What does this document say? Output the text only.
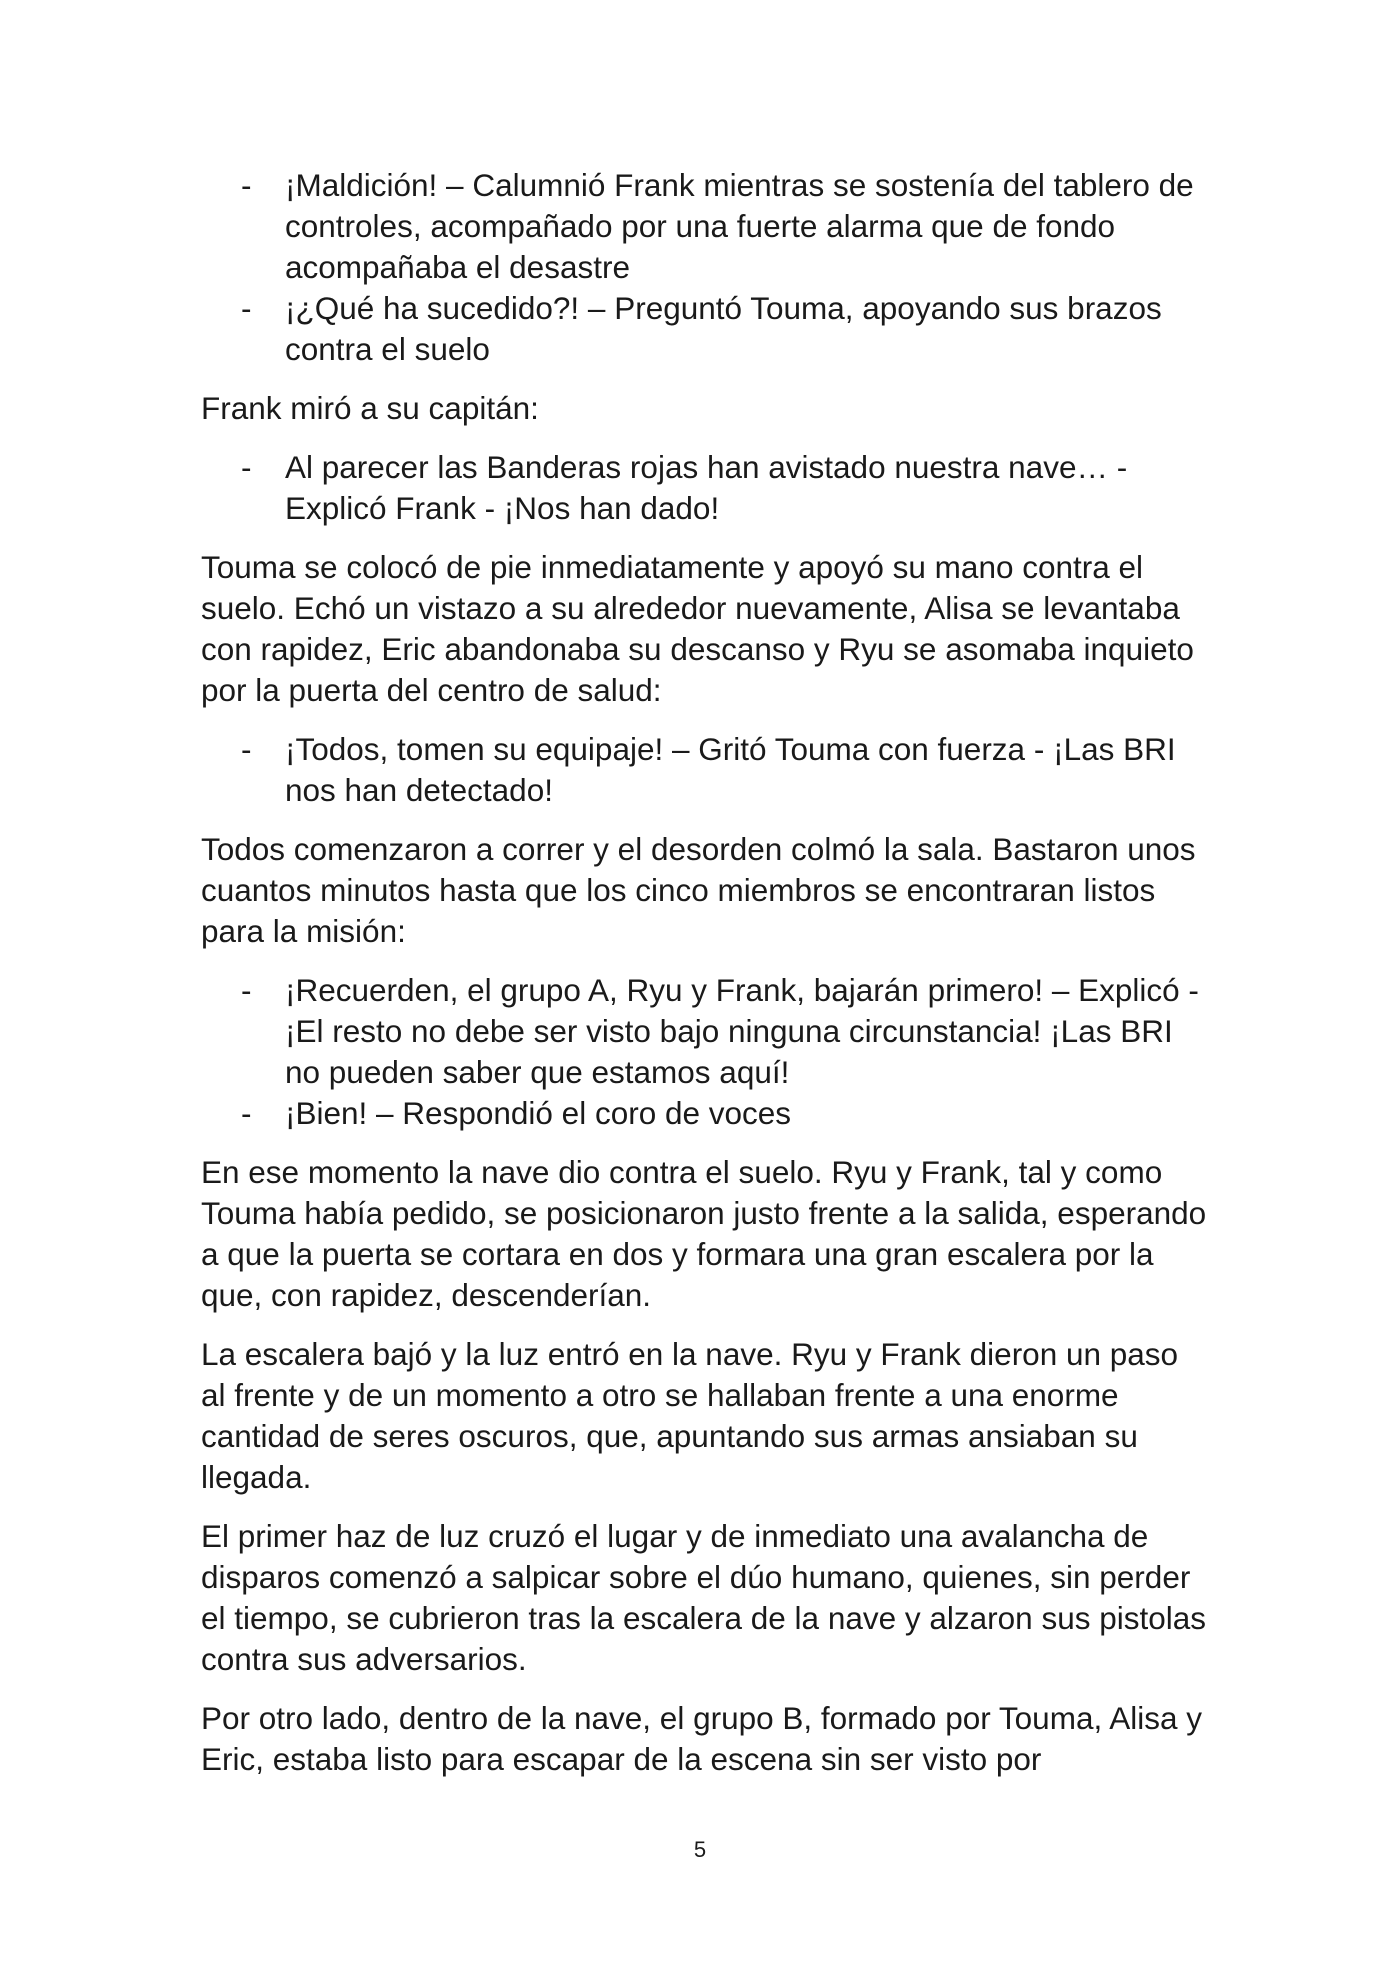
- ¡Maldición! – Calumnió Frank mientras se sostenía del tablero de controles, acompañado por una fuerte alarma que de fondo acompañaba el desastre
- ¡¿Qué ha sucedido?! – Preguntó Touma, apoyando sus brazos contra el suelo
Frank miró a su capitán:
- Al parecer las Banderas rojas han avistado nuestra nave… - Explicó Frank - ¡Nos han dado!
Touma se colocó de pie inmediatamente y apoyó su mano contra el suelo. Echó un vistazo a su alrededor nuevamente, Alisa se levantaba con rapidez, Eric abandonaba su descanso y Ryu se asomaba inquieto por la puerta del centro de salud:
- ¡Todos, tomen su equipaje! – Gritó Touma con fuerza - ¡Las BRI nos han detectado!
Todos comenzaron a correr y el desorden colmó la sala. Bastaron unos cuantos minutos hasta que los cinco miembros se encontraran listos para la misión:
- ¡Recuerden, el grupo A, Ryu y Frank, bajarán primero! – Explicó - ¡El resto no debe ser visto bajo ninguna circunstancia! ¡Las BRI no pueden saber que estamos aquí!
- ¡Bien! – Respondió el coro de voces
En ese momento la nave dio contra el suelo. Ryu y Frank, tal y como Touma había pedido, se posicionaron justo frente a la salida, esperando a que la puerta se cortara en dos y formara una gran escalera por la que, con rapidez, descenderían.
La escalera bajó y la luz entró en la nave. Ryu y Frank dieron un paso al frente y de un momento a otro se hallaban frente a una enorme cantidad de seres oscuros, que, apuntando sus armas ansiaban su llegada.
El primer haz de luz cruzó el lugar y de inmediato una avalancha de disparos comenzó a salpicar sobre el dúo humano, quienes, sin perder el tiempo, se cubrieron tras la escalera de la nave y alzaron sus pistolas contra sus adversarios.
Por otro lado, dentro de la nave, el grupo B, formado por Touma, Alisa y Eric, estaba listo para escapar de la escena sin ser visto por
5
